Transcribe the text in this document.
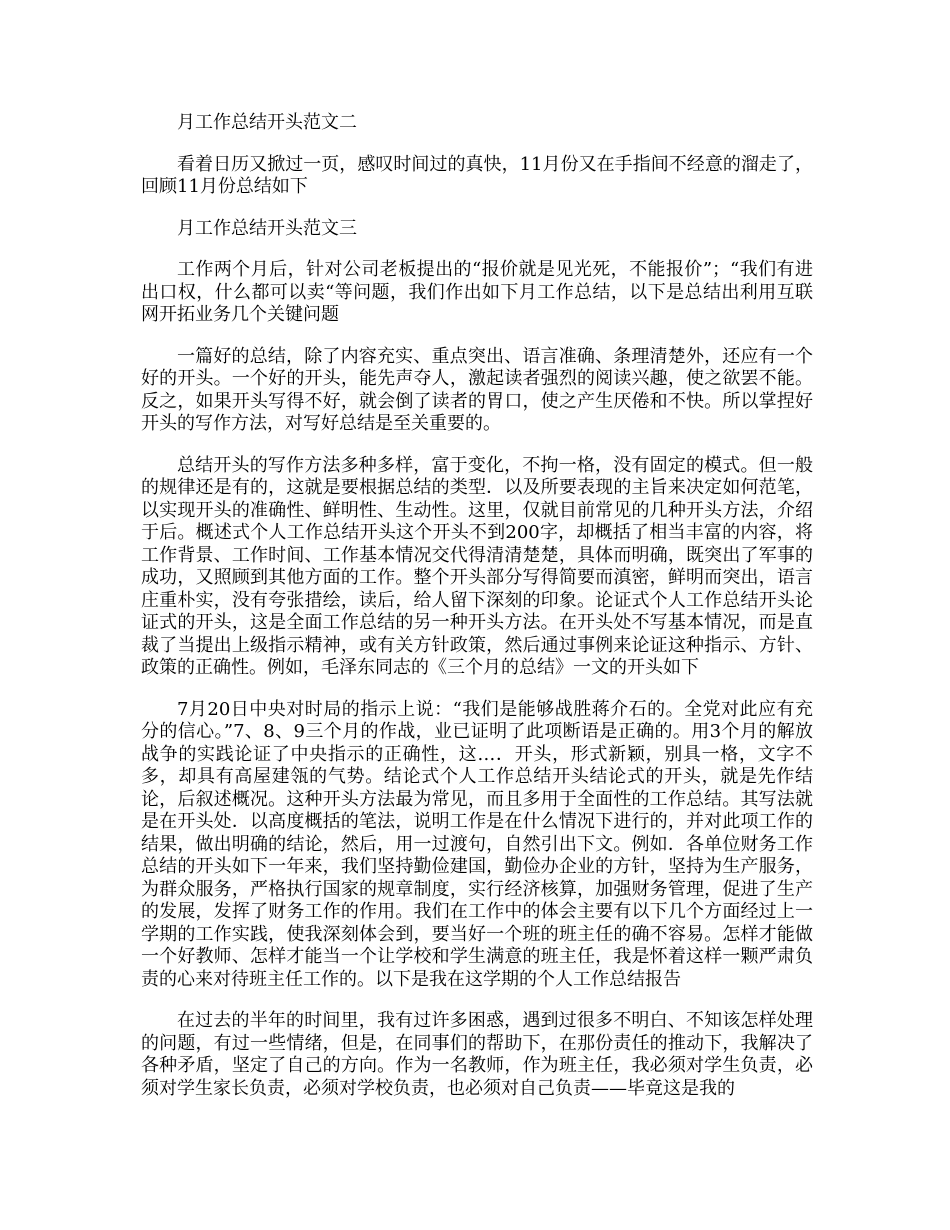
月工作总结开头范文二

看着日历又掀过一页，感叹时间过的真快，11月份又在手指间不经意的溜走了，回顾11月份总结如下

月工作总结开头范文三

工作两个月后，针对公司老板提出的“报价就是见光死，不能报价”；“我们有进出口权，什么都可以卖“等问题，我们作出如下月工作总结，以下是总结出利用互联网开拓业务几个关键问题

一篇好的总结，除了内容充实、重点突出、语言准确、条理清楚外，还应有一个好的开头。一个好的开头，能先声夺人，激起读者强烈的阅读兴趣，使之欲罢不能。反之，如果开头写得不好，就会倒了读者的胃口，使之产生厌倦和不快。所以掌捏好开头的写作方法，对写好总结是至关重要的。

总结开头的写作方法多种多样，富于变化，不拘一格，没有固定的模式。但一般的规律还是有的，这就是要根据总结的类型．以及所要表现的主旨来决定如何范笔，以实现开头的准确性、鲜明性、生动性。这里，仅就目前常见的几种开头方法，介绍于后。概述式个人工作总结开头这个开头不到200字，却概括了相当丰富的内容，将工作背景、工作时间、工作基本情况交代得清清楚楚，具体而明确，既突出了军事的成功，又照顾到其他方面的工作。整个开头部分写得简要而滇密，鲜明而突出，语言庄重朴实，没有夸张措绘，读后，给人留下深刻的印象。论证式个人工作总结开头论证式的开头，这是全面工作总结的另一种开头方法。在开头处不写基本情况，而是直裁了当提出上级指示精神，或有关方针政策，然后通过事例来论证这种指示、方针、政策的正确性。例如，毛泽东同志的《三个月的总结》一文的开头如下

7月20日中央对时局的指示上说：“我们是能够战胜蒋介石的。全党对此应有充分的信心。”7、8、9三个月的作战，业已证明了此项断语是正确的。用3个月的解放战争的实践论证了中央指示的正确性，这…．开头，形式新颖，别具一格，文字不多，却具有高屋建瓴的气势。结论式个人工作总结开头结论式的开头，就是先作结论，后叙述概况。这种开头方法最为常见，而且多用于全面性的工作总结。其写法就是在开头处．以高度概括的笔法，说明工作是在什么情况下进行的，并对此项工作的结果，做出明确的结论，然后，用一过渡句，自然引出下文。例如．各单位财务工作总结的开头如下一年来，我们坚持勤俭建国，勤俭办企业的方针，坚持为生产服务，为群众服务，严格执行国家的规章制度，实行经济核算，加强财务管理，促进了生产的发展，发挥了财务工作的作用。我们在工作中的体会主要有以下几个方面经过上一学期的工作实践，使我深刻体会到，要当好一个班的班主任的确不容易。怎样才能做一个好教师、怎样才能当一个让学校和学生满意的班主任，我是怀着这样一颗严肃负责的心来对待班主任工作的。以下是我在这学期的个人工作总结报告

在过去的半年的时间里，我有过许多困惑，遇到过很多不明白、不知该怎样处理的问题，有过一些情绪，但是，在同事们的帮助下，在那份责任的推动下，我解决了各种矛盾，坚定了自己的方向。作为一名教师，作为班主任，我必须对学生负责，必须对学生家长负责，必须对学校负责，也必须对自己负责——毕竟这是我的
